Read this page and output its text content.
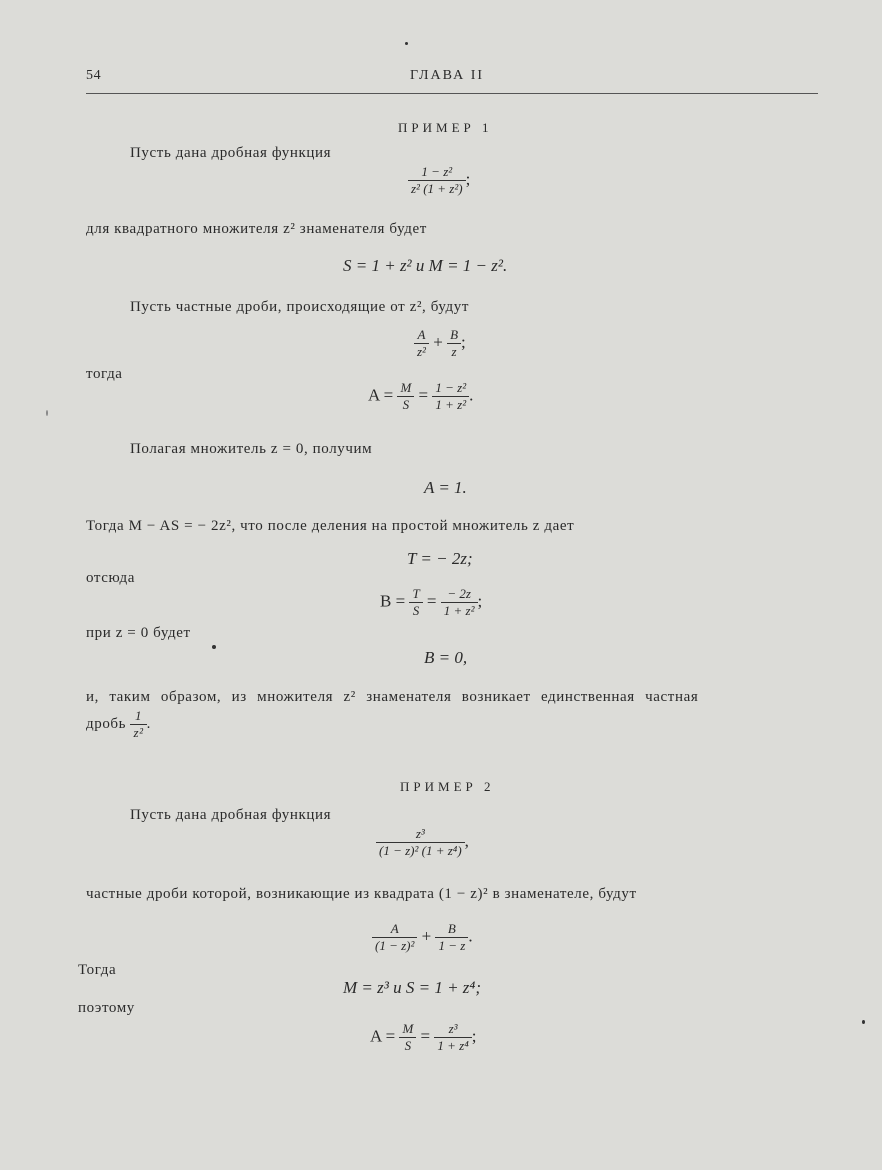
54	ГЛАВА II
ПРИМЕР 1
Пусть дана дробная функция
$\frac{\text{1 − z²}}{\text{z² (1 + z²)}}$ ;
для квадратного множителя z² знаменателя будет
S = 1 + z² и M = 1 − z².
Пусть частные дроби, происходящие от z², будут
$\frac{A}{\text{z²}} + \frac{B}{z}$ ;
тогда
$A = \frac{M}{S} = \frac{\text{1 − z²}}{\text{1 + z²}}$ .
Полагая множитель z = 0, получим
A = 1.
Тогда M − AS = − 2z², что после деления на простой множитель z дает
T = − 2z;
отсюда
$B = \frac{T}{S} = \frac{- 2z}{\text{1 + z²}}$ ;
при z = 0 будет
B = 0,
и, таким образом, из множителя z² знаменателя возникает единственная частная
дробь $\frac{1}{\text{z²}}$ .
ПРИМЕР 2
Пусть дана дробная функция
$\frac{\text{z³}}{\text{(1 − z)² (1 + z⁴)}}$ ,
частные дроби которой, возникающие из квадрата (1 − z)² в знаменателе, будут
$\frac{A}{\text{(1 − z)²}} + \frac{B}{1 - z}$ .
Тогда
M = z³ и S = 1 + z⁴;
поэтому
$A = \frac{M}{S} = \frac{\text{z³}}{\text{1 + z⁴}}$ ;
